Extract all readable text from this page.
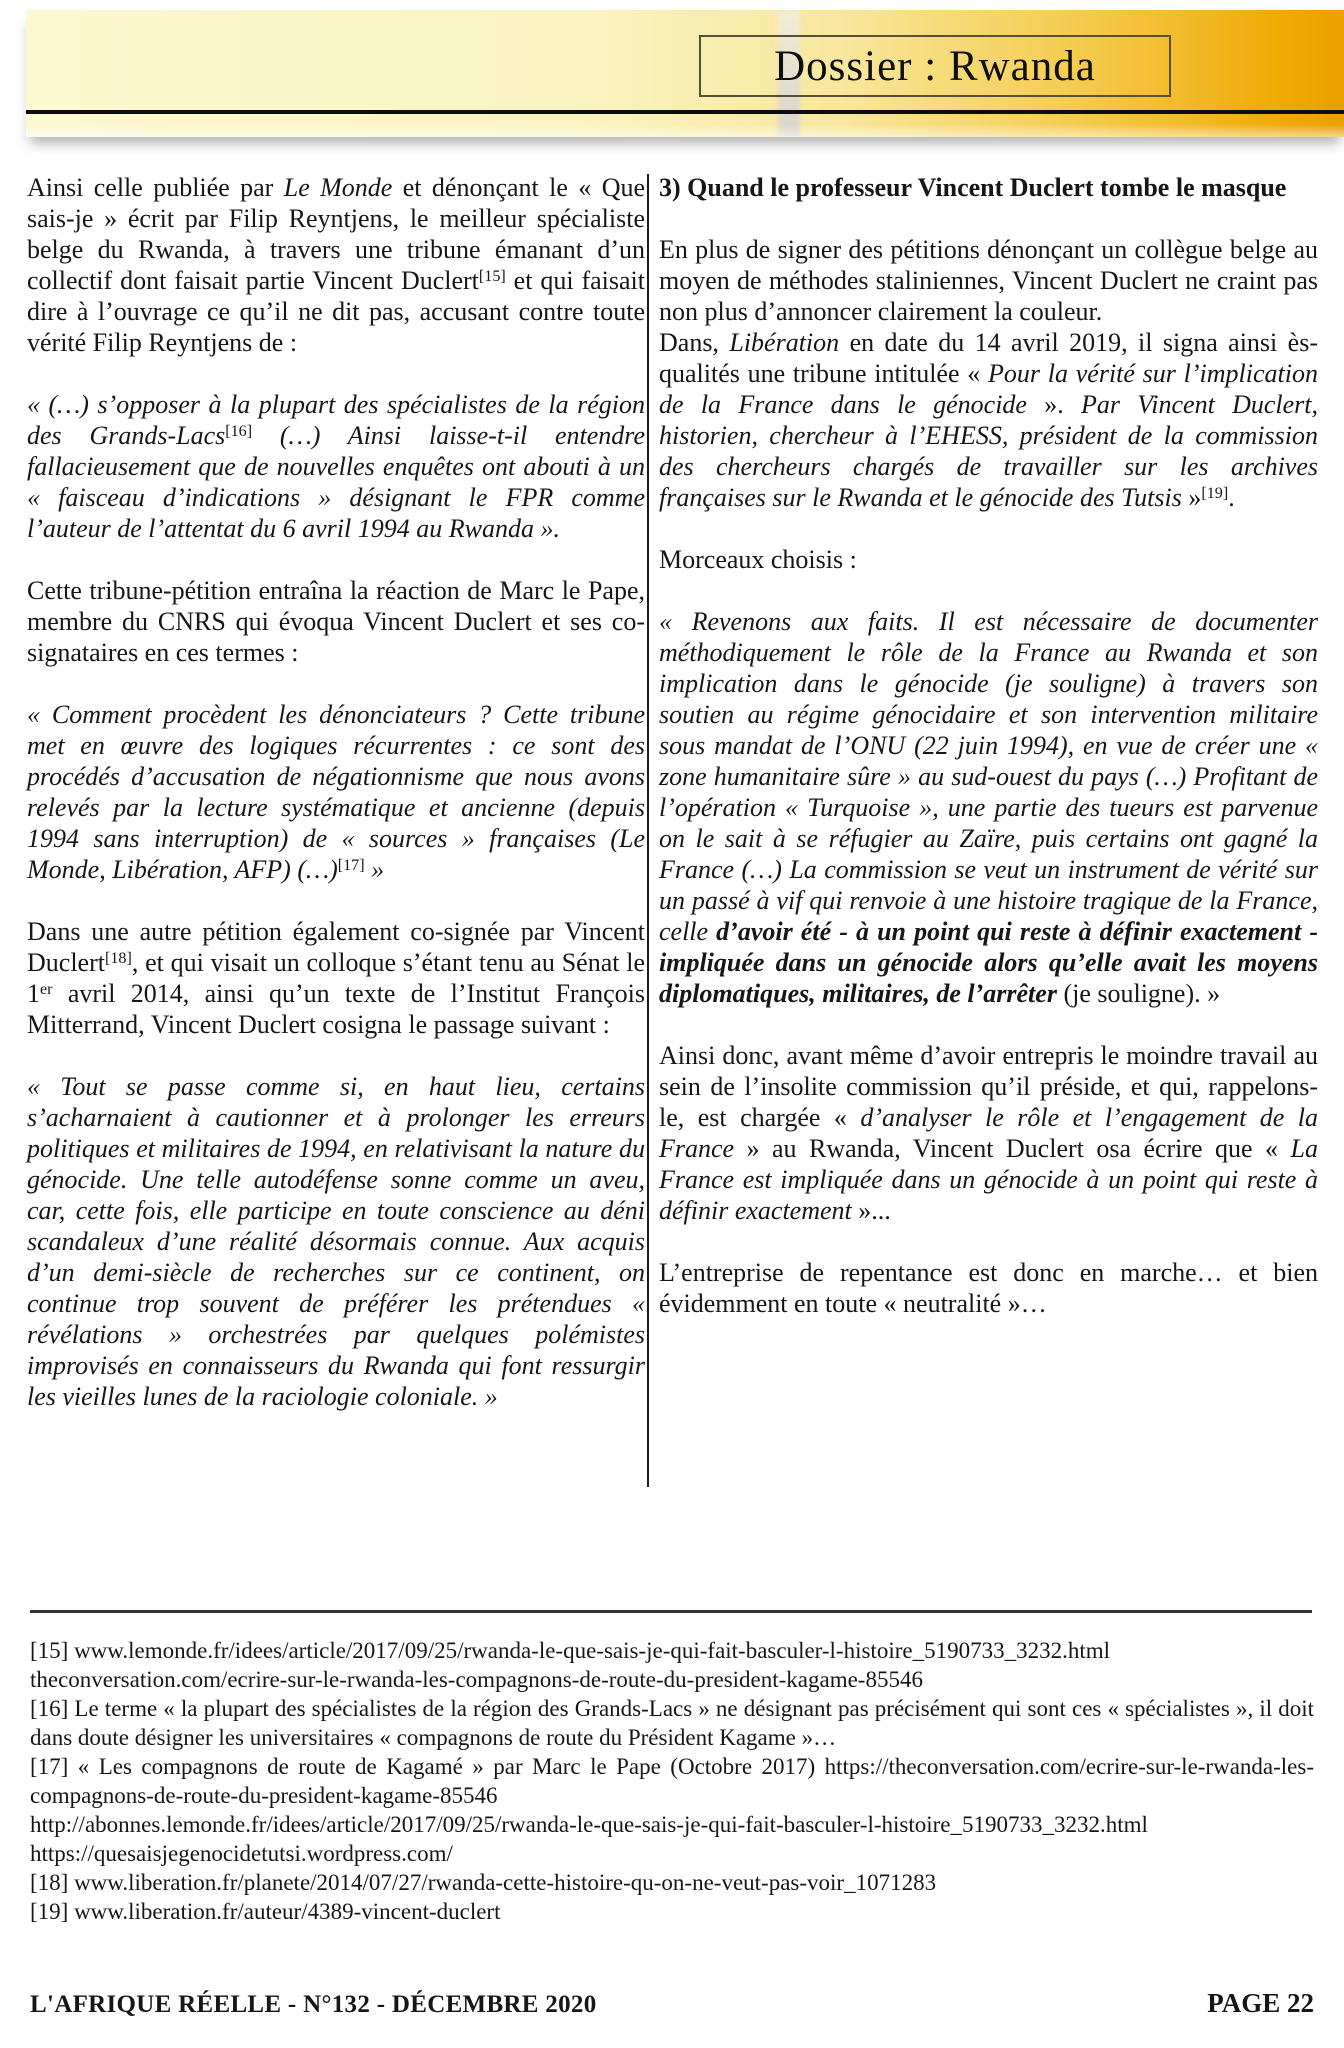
Dossier : Rwanda

Ainsi celle publiée par Le Monde et dénonçant le « Que sais-je » écrit par Filip Reyntjens, le meilleur spécialiste belge du Rwanda, à travers une tribune émanant d’un collectif dont faisait partie Vincent Duclert[15] et qui faisait dire à l’ouvrage ce qu’il ne dit pas, accusant contre toute vérité Filip Reyntjens de :

« (…) s’opposer à la plupart des spécialistes de la région des Grands-Lacs[16] (…) Ainsi laisse-t-il entendre fallacieusement que de nouvelles enquêtes ont abouti à un « faisceau d’indications » désignant le FPR comme l’auteur de l’attentat du 6 avril 1994 au Rwanda ».

Cette tribune-pétition entraîna la réaction de Marc le Pape, membre du CNRS qui évoqua Vincent Duclert et ses co-signataires en ces termes :

« Comment procèdent les dénonciateurs ? Cette tribune met en œuvre des logiques récurrentes : ce sont des procédés d’accusation de négationnisme que nous avons relevés par la lecture systématique et ancienne (depuis 1994 sans interruption) de « sources » françaises (Le Monde, Libération, AFP) (…)[17] »

Dans une autre pétition également co-signée par Vincent Duclert[18], et qui visait un colloque s’étant tenu au Sénat le 1er avril 2014, ainsi qu’un texte de l’Institut François Mitterrand, Vincent Duclert cosigna le passage suivant :

« Tout se passe comme si, en haut lieu, certains s’acharnaient à cautionner et à prolonger les erreurs politiques et militaires de 1994, en relativisant la nature du génocide. Une telle autodéfense sonne comme un aveu, car, cette fois, elle participe en toute conscience au déni scandaleux d’une réalité désormais connue. Aux acquis d’un demi-siècle de recherches sur ce continent, on continue trop souvent de préférer les prétendues « révélations » orchestrées par quelques polémistes improvisés en connaisseurs du Rwanda qui font ressurgir les vieilles lunes de la raciologie coloniale. »

3) Quand le professeur Vincent Duclert tombe le masque

En plus de signer des pétitions dénonçant un collègue belge au moyen de méthodes staliniennes, Vincent Duclert ne craint pas non plus d’annoncer clairement la couleur.

Dans, Libération en date du 14 avril 2019, il signa ainsi ès-qualités une tribune intitulée « Pour la vérité sur l’implication de la France dans le génocide ». Par Vincent Duclert, historien, chercheur à l’EHESS, président de la commission des chercheurs chargés de travailler sur les archives françaises sur le Rwanda et le génocide des Tutsis »[19].

Morceaux choisis :

« Revenons aux faits. Il est nécessaire de documenter méthodiquement le rôle de la France au Rwanda et son implication dans le génocide (je souligne) à travers son soutien au régime génocidaire et son intervention militaire sous mandat de l’ONU (22 juin 1994), en vue de créer une « zone humanitaire sûre » au sud-ouest du pays (…) Profitant de l’opération « Turquoise », une partie des tueurs est parvenue on le sait à se réfugier au Zaïre, puis certains ont gagné la France (…) La commission se veut un instrument de vérité sur un passé à vif qui renvoie à une histoire tragique de la France, celle d’avoir été - à un point qui reste à définir exactement - impliquée dans un génocide alors qu’elle avait les moyens diplomatiques, militaires, de l’arrêter (je souligne). »

Ainsi donc, avant même d’avoir entrepris le moindre travail au sein de l’insolite commission qu’il préside, et qui, rappelons-le, est chargée « d’analyser le rôle et l’engagement de la France » au Rwanda, Vincent Duclert osa écrire que « La France est impliquée dans un génocide à un point qui reste à définir exactement »...

L’entreprise de repentance est donc en marche… et bien évidemment en toute « neutralité »…

[15] www.lemonde.fr/idees/article/2017/09/25/rwanda-le-que-sais-je-qui-fait-basculer-l-histoire_5190733_3232.html
theconversation.com/ecrire-sur-le-rwanda-les-compagnons-de-route-du-president-kagame-85546
[16] Le terme « la plupart des spécialistes de la région des Grands-Lacs » ne désignant pas précisément qui sont ces « spécialistes », il doit dans doute désigner les universitaires « compagnons de route du Président Kagame »…
[17] « Les compagnons de route de Kagamé » par Marc le Pape (Octobre 2017) https://theconversation.com/ecrire-sur-le-rwanda-les-compagnons-de-route-du-president-kagame-85546
http://abonnes.lemonde.fr/idees/article/2017/09/25/rwanda-le-que-sais-je-qui-fait-basculer-l-histoire_5190733_3232.html
https://quesaisjegenocidetutsi.wordpress.com/
[18] www.liberation.fr/planete/2014/07/27/rwanda-cette-histoire-qu-on-ne-veut-pas-voir_1071283
[19] www.liberation.fr/auteur/4389-vincent-duclert
L'AFRIQUE RÉELLE - N°132 - DÉCEMBRE 2020	PAGE 22
